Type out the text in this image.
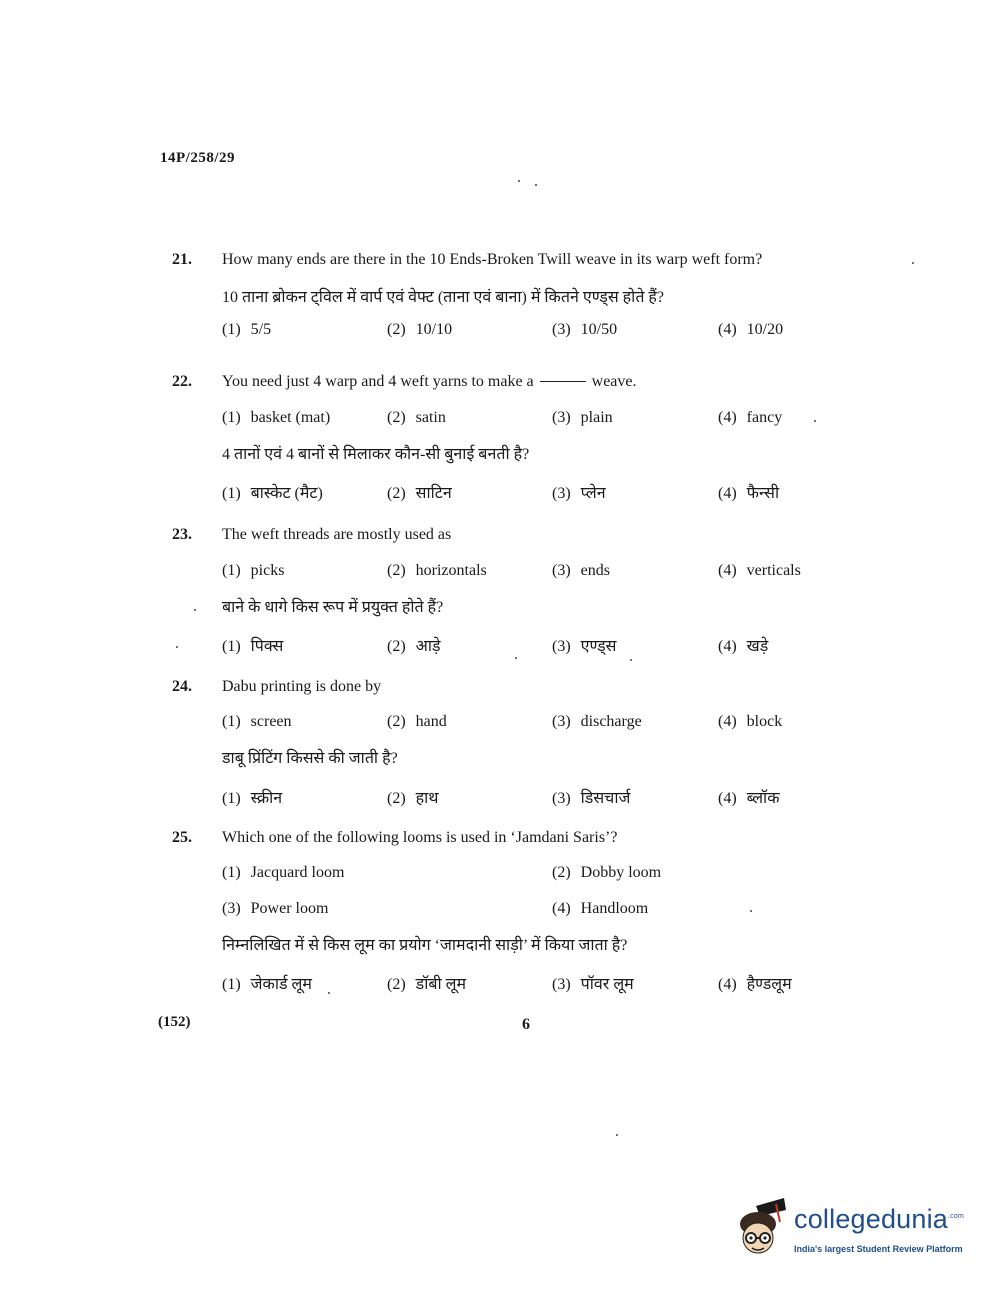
14P/258/29
21. How many ends are there in the 10 Ends-Broken Twill weave in its warp weft form?
10 ताना ब्रोकन ट्विल में वार्प एवं वेफ्ट (ताना एवं बाना) में कितने एण्ड्स होते हैं?
(1) 5/5	(2) 10/10	(3) 10/50	(4) 10/20
22. You need just 4 warp and 4 weft yarns to make a	weave.
(1) basket (mat)	(2) satin	(3) plain	(4) fancy
4 तानों एवं 4 बानों से मिलाकर कौन-सी बुनाई बनती है?
(1) बास्केट (मैट)	(2) साटिन	(3) प्लेन	(4) फैन्सी
23. The weft threads are mostly used as
(1) picks	(2) horizontals	(3) ends	(4) verticals
बाने के धागे किस रूप में प्रयुक्त होते हैं?
(1) पिक्स	(2) आड़े	(3) एण्ड्स	(4) खड़े
24. Dabu printing is done by
(1) screen	(2) hand	(3) discharge	(4) block
डाबू प्रिंटिंग किससे की जाती है?
(1) स्क्रीन	(2) हाथ	(3) डिसचार्ज	(4) ब्लॉक
25. Which one of the following looms is used in ‘Jamdani Saris’?
(1) Jacquard loom	(2) Dobby loom
(3) Power loom	(4) Handloom
निम्नलिखित में से किस लूम का प्रयोग ‘जामदानी साड़ी’ में किया जाता है?
(1) जेकार्ड लूम	(2) डॉबी लूम	(3) पॉवर लूम	(4) हैण्डलूम
(152)	6
collegedunia$^{.com}$
India's largest Student Review Platform
